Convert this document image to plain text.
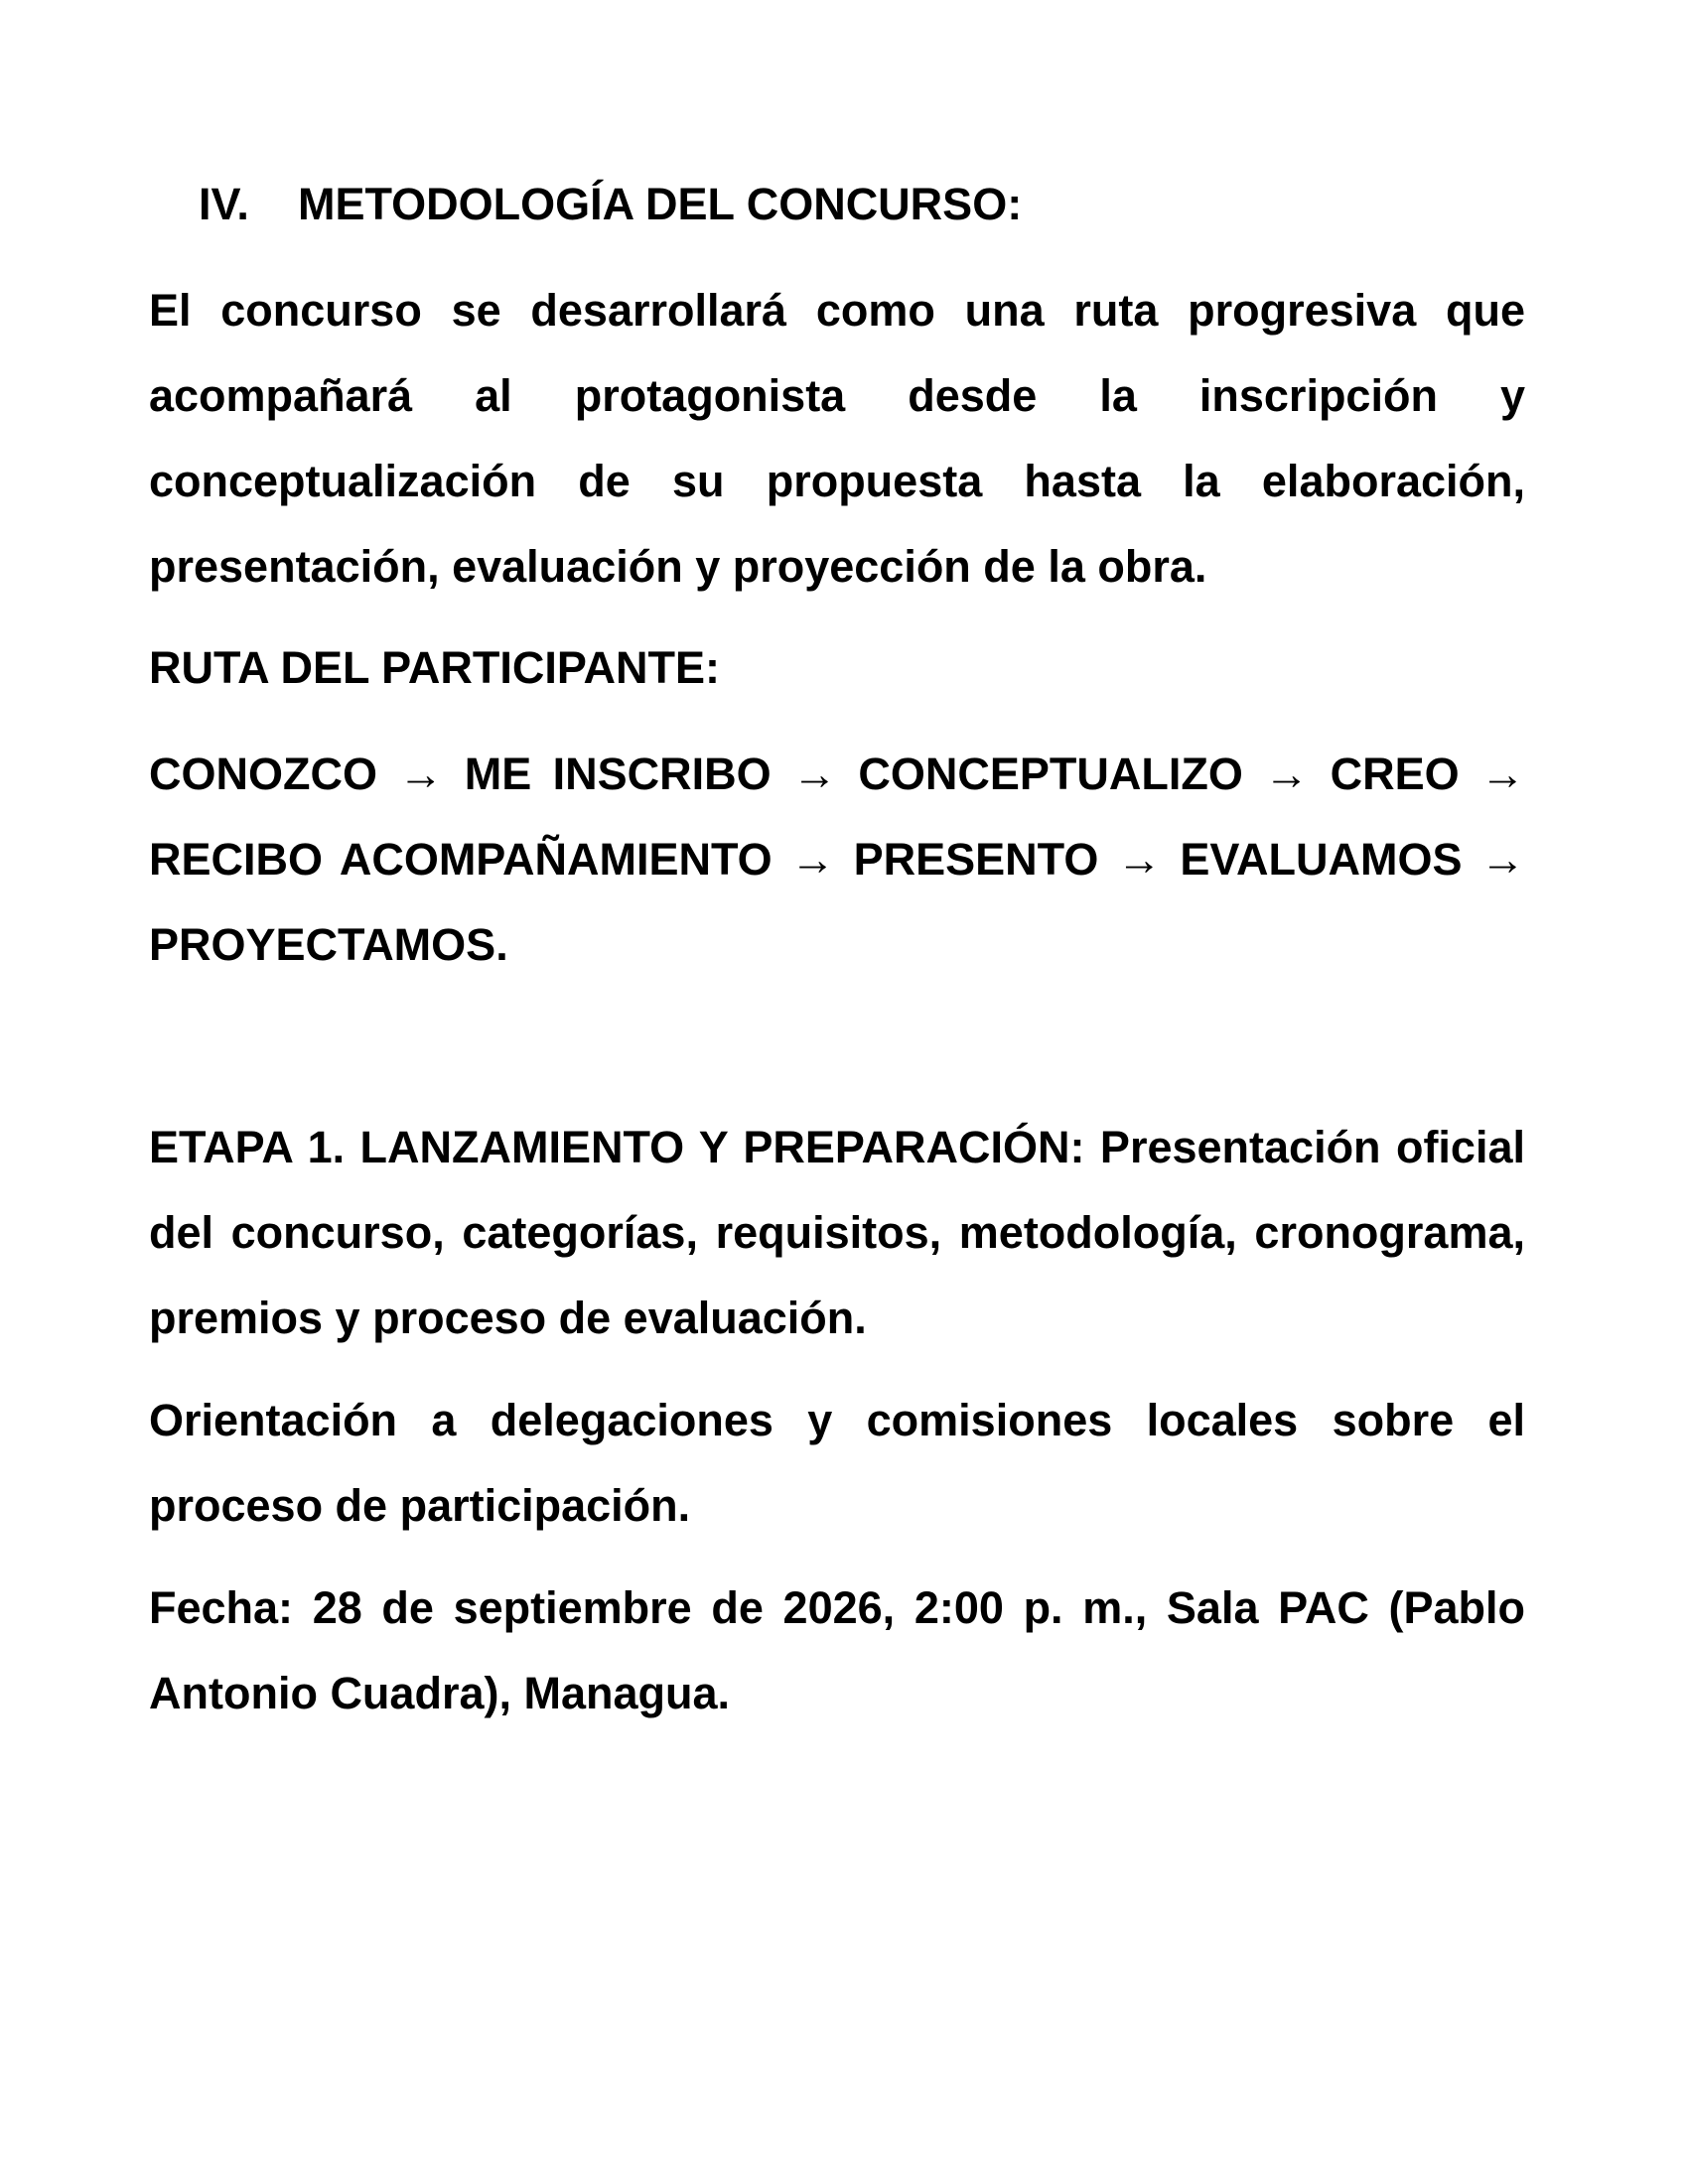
IV. METODOLOGÍA DEL CONCURSO:

El concurso se desarrollará como una ruta progresiva que acompañará al protagonista desde la inscripción y conceptualización de su propuesta hasta la elaboración, presentación, evaluación y proyección de la obra.

RUTA DEL PARTICIPANTE:

CONOZCO → ME INSCRIBO → CONCEPTUALIZO → CREO → RECIBO ACOMPAÑAMIENTO → PRESENTO → EVALUAMOS → PROYECTAMOS.

ETAPA 1. LANZAMIENTO Y PREPARACIÓN: Presentación oficial del concurso, categorías, requisitos, metodología, cronograma, premios y proceso de evaluación.

Orientación a delegaciones y comisiones locales sobre el proceso de participación.

Fecha: 28 de septiembre de 2026, 2:00 p. m., Sala PAC (Pablo Antonio Cuadra), Managua.
